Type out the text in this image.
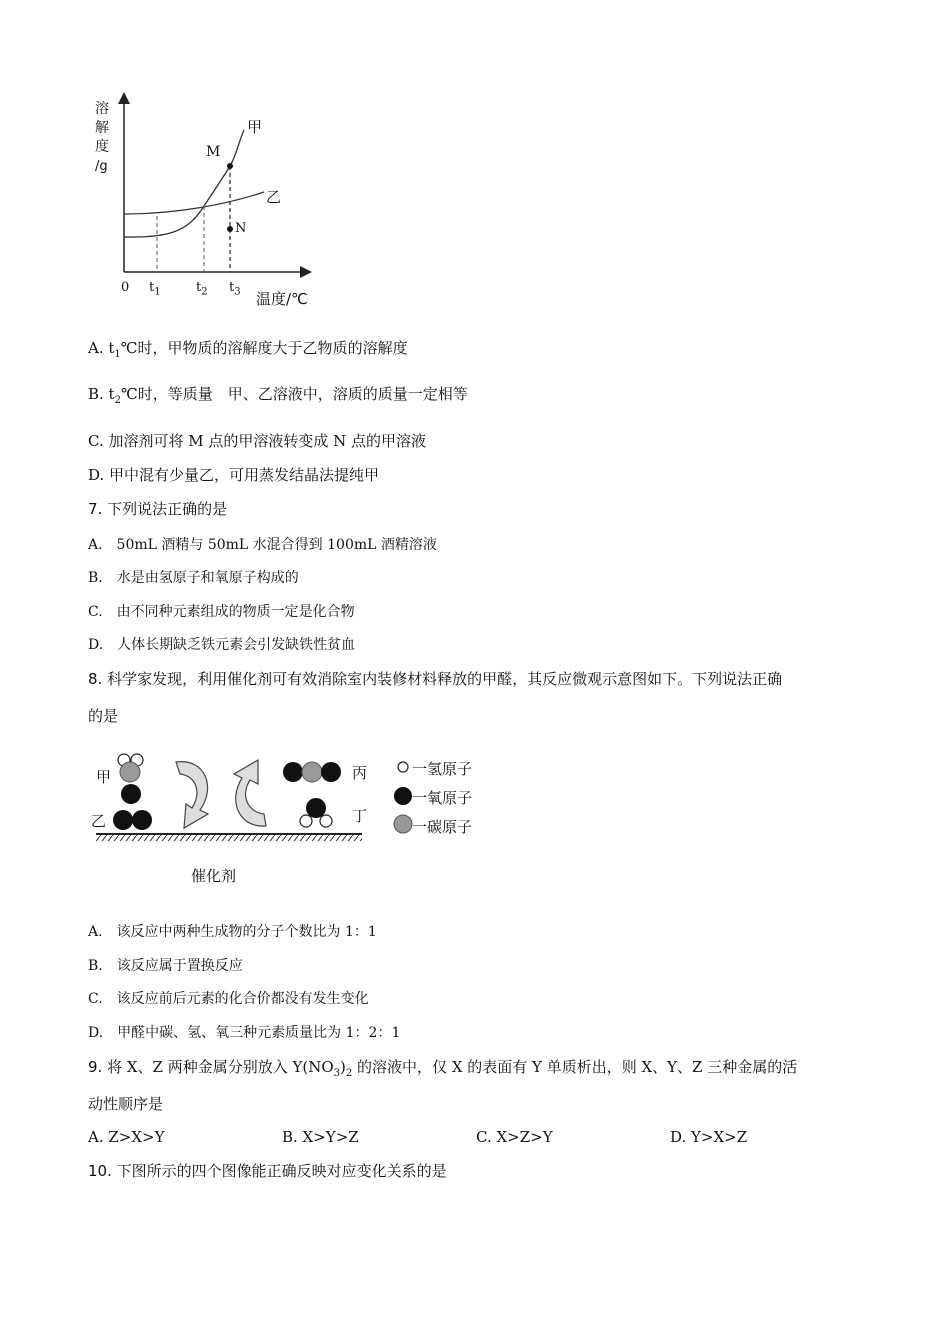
溶
解
度
/g
甲
乙
M
N
0 $t_1$	$t_2$ $t_3$ 温度/℃
A. $t_1℃$时，甲物质的溶解度大于乙物质的溶解度
B. $t_2℃$时，等质量　甲、乙溶液中，溶质的质量一定相等
C. 加溶剂可将 M 点的甲溶液转变成 N 点的甲溶液
D. 甲中混有少量乙，可用蒸发结晶法提纯甲
7. 下列说法正确的是
A.　50mL 酒精与 50mL 水混合得到 100mL 酒精溶液
B.　水是由氢原子和氧原子构成的
C.　由不同种元素组成的物质一定是化合物
D.　人体长期缺乏铁元素会引发缺铁性贫血
8. 科学家发现，利用催化剂可有效消除室内装修材料释放的甲醛，其反应微观示意图如下。下列说法正确
的是
甲
乙
丙
丁
催化剂
一氢原子
一氧原子
一碳原子
A.　该反应中两种生成物的分子个数比为 1：1
B.　该反应属于置换反应
C.　该反应前后元素的化合价都没有发生变化
D.　甲醛中碳、氢、氧三种元素质量比为 1：2：1
9. 将 X、Z 两种金属分别放入 $Y(NO_3)_2$ 的溶液中，仅 X 的表面有 Y 单质析出，则 X、Y、Z 三种金属的活
动性顺序是
A. Z>X>Y	B. X>Y>Z	C. X>Z>Y	D. Y>X>Z
10. 下图所示的四个图像能正确反映对应变化关系的是
